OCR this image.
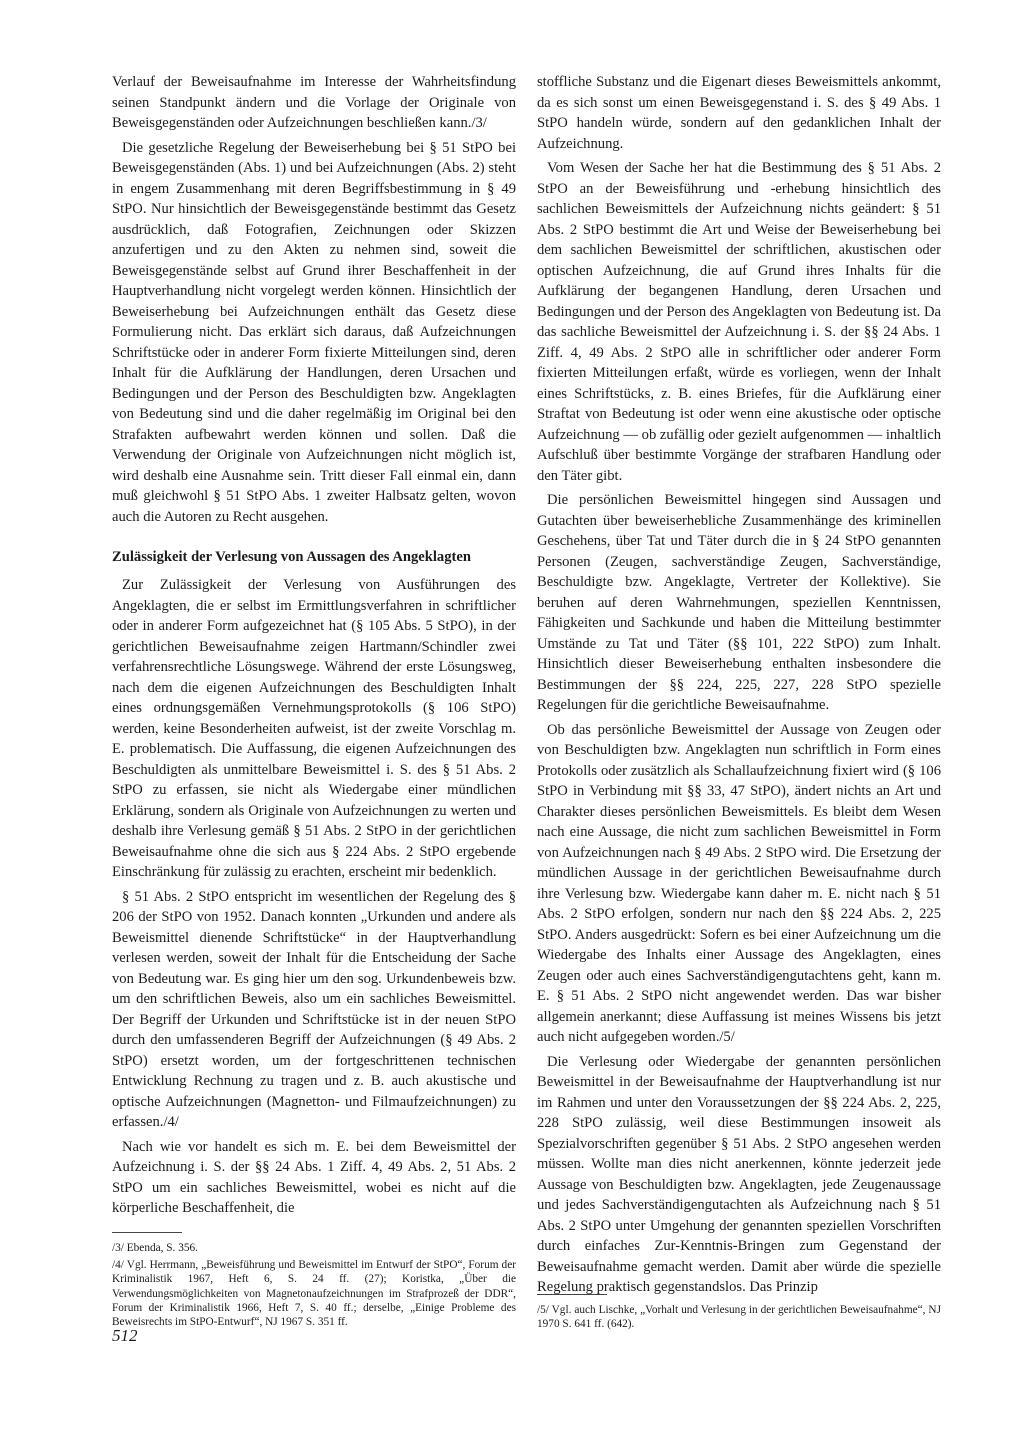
Verlauf der Beweisaufnahme im Interesse der Wahrheitsfindung seinen Standpunkt ändern und die Vorlage der Originale von Beweisgegenständen oder Aufzeichnungen beschließen kann./3/

Die gesetzliche Regelung der Beweiserhebung bei § 51 StPO bei Beweisgegenständen (Abs. 1) und bei Aufzeichnungen (Abs. 2) steht in engem Zusammenhang mit deren Begriffsbestimmung in § 49 StPO. Nur hinsichtlich der Beweisgegenstände bestimmt das Gesetz ausdrücklich, daß Fotografien, Zeichnungen oder Skizzen anzufertigen und zu den Akten zu nehmen sind, soweit die Beweisgegenstände selbst auf Grund ihrer Beschaffenheit in der Hauptverhandlung nicht vorgelegt werden können. Hinsichtlich der Beweiserhebung bei Aufzeichnungen enthält das Gesetz diese Formulierung nicht. Das erklärt sich daraus, daß Aufzeichnungen Schriftstücke oder in anderer Form fixierte Mitteilungen sind, deren Inhalt für die Aufklärung der Handlungen, deren Ursachen und Bedingungen und der Person des Beschuldigten bzw. Angeklagten von Bedeutung sind und die daher regelmäßig im Original bei den Strafakten aufbewahrt werden können und sollen. Daß die Verwendung der Originale von Aufzeichnungen nicht möglich ist, wird deshalb eine Ausnahme sein. Tritt dieser Fall einmal ein, dann muß gleichwohl § 51 StPO Abs. 1 zweiter Halbsatz gelten, wovon auch die Autoren zu Recht ausgehen.

Zulässigkeit der Verlesung von Aussagen des Angeklagten

Zur Zulässigkeit der Verlesung von Ausführungen des Angeklagten, die er selbst im Ermittlungsverfahren in schriftlicher oder in anderer Form aufgezeichnet hat (§ 105 Abs. 5 StPO), in der gerichtlichen Beweisaufnahme zeigen Hartmann/Schindler zwei verfahrensrechtliche Lösungswege. Während der erste Lösungsweg, nach dem die eigenen Aufzeichnungen des Beschuldigten Inhalt eines ordnungsgemäßen Vernehmungsprotokolls (§ 106 StPO) werden, keine Besonderheiten aufweist, ist der zweite Vorschlag m. E. problematisch. Die Auffassung, die eigenen Aufzeichnungen des Beschuldigten als unmittelbare Beweismittel i. S. des § 51 Abs. 2 StPO zu erfassen, sie nicht als Wiedergabe einer mündlichen Erklärung, sondern als Originale von Aufzeichnungen zu werten und deshalb ihre Verlesung gemäß § 51 Abs. 2 StPO in der gerichtlichen Beweisaufnahme ohne die sich aus § 224 Abs. 2 StPO ergebende Einschränkung für zulässig zu erachten, erscheint mir bedenklich.

§ 51 Abs. 2 StPO entspricht im wesentlichen der Regelung des § 206 der StPO von 1952. Danach konnten „Urkunden und andere als Beweismittel dienende Schriftstücke“ in der Hauptverhandlung verlesen werden, soweit der Inhalt für die Entscheidung der Sache von Bedeutung war. Es ging hier um den sog. Urkundenbeweis bzw. um den schriftlichen Beweis, also um ein sachliches Beweismittel. Der Begriff der Urkunden und Schriftstücke ist in der neuen StPO durch den umfassenderen Begriff der Aufzeichnungen (§ 49 Abs. 2 StPO) ersetzt worden, um der fortgeschrittenen technischen Entwicklung Rechnung zu tragen und z. B. auch akustische und optische Aufzeichnungen (Magnetton- und Filmaufzeichnungen) zu erfassen./4/

Nach wie vor handelt es sich m. E. bei dem Beweismittel der Aufzeichnung i. S. der §§ 24 Abs. 1 Ziff. 4, 49 Abs. 2, 51 Abs. 2 StPO um ein sachliches Beweismittel, wobei es nicht auf die körperliche Beschaffenheit, die

/3/ Ebenda, S. 356.

/4/ Vgl. Herrmann, „Beweisführung und Beweismittel im Entwurf der StPO“, Forum der Kriminalistik 1967, Heft 6, S. 24 ff. (27); Koristka, „Über die Verwendungsmöglichkeiten von Magnetonaufzeichnungen im Strafprozeß der DDR“, Forum der Kriminalistik 1966, Heft 7, S. 40 ff.; derselbe, „Einige Probleme des Beweisrechts im StPO-Entwurf“, NJ 1967 S. 351 ff.

stoffliche Substanz und die Eigenart dieses Beweismittels ankommt, da es sich sonst um einen Beweisgegenstand i. S. des § 49 Abs. 1 StPO handeln würde, sondern auf den gedanklichen Inhalt der Aufzeichnung.

Vom Wesen der Sache her hat die Bestimmung des § 51 Abs. 2 StPO an der Beweisführung und -erhebung hinsichtlich des sachlichen Beweismittels der Aufzeichnung nichts geändert: § 51 Abs. 2 StPO bestimmt die Art und Weise der Beweiserhebung bei dem sachlichen Beweismittel der schriftlichen, akustischen oder optischen Aufzeichnung, die auf Grund ihres Inhalts für die Aufklärung der begangenen Handlung, deren Ursachen und Bedingungen und der Person des Angeklagten von Bedeutung ist. Da das sachliche Beweismittel der Aufzeichnung i. S. der §§ 24 Abs. 1 Ziff. 4, 49 Abs. 2 StPO alle in schriftlicher oder anderer Form fixierten Mitteilungen erfaßt, würde es vorliegen, wenn der Inhalt eines Schriftstücks, z. B. eines Briefes, für die Aufklärung einer Straftat von Bedeutung ist oder wenn eine akustische oder optische Aufzeichnung — ob zufällig oder gezielt aufgenommen — inhaltlich Aufschluß über bestimmte Vorgänge der strafbaren Handlung oder den Täter gibt.

Die persönlichen Beweismittel hingegen sind Aussagen und Gutachten über beweiserhebliche Zusammenhänge des kriminellen Geschehens, über Tat und Täter durch die in § 24 StPO genannten Personen (Zeugen, sachverständige Zeugen, Sachverständige, Beschuldigte bzw. Angeklagte, Vertreter der Kollektive). Sie beruhen auf deren Wahrnehmungen, speziellen Kenntnissen, Fähigkeiten und Sachkunde und haben die Mitteilung bestimmter Umstände zu Tat und Täter (§§ 101, 222 StPO) zum Inhalt. Hinsichtlich dieser Beweiserhebung enthalten insbesondere die Bestimmungen der §§ 224, 225, 227, 228 StPO spezielle Regelungen für die gerichtliche Beweisaufnahme.

Ob das persönliche Beweismittel der Aussage von Zeugen oder von Beschuldigten bzw. Angeklagten nun schriftlich in Form eines Protokolls oder zusätzlich als Schallaufzeichnung fixiert wird (§ 106 StPO in Verbindung mit §§ 33, 47 StPO), ändert nichts an Art und Charakter dieses persönlichen Beweismittels. Es bleibt dem Wesen nach eine Aussage, die nicht zum sachlichen Beweismittel in Form von Aufzeichnungen nach § 49 Abs. 2 StPO wird. Die Ersetzung der mündlichen Aussage in der gerichtlichen Beweisaufnahme durch ihre Verlesung bzw. Wiedergabe kann daher m. E. nicht nach § 51 Abs. 2 StPO erfolgen, sondern nur nach den §§ 224 Abs. 2, 225 StPO. Anders ausgedrückt: Sofern es bei einer Aufzeichnung um die Wiedergabe des Inhalts einer Aussage des Angeklagten, eines Zeugen oder auch eines Sachverständigengutachtens geht, kann m. E. § 51 Abs. 2 StPO nicht angewendet werden. Das war bisher allgemein anerkannt; diese Auffassung ist meines Wissens bis jetzt auch nicht aufgegeben worden./5/

Die Verlesung oder Wiedergabe der genannten persönlichen Beweismittel in der Beweisaufnahme der Hauptverhandlung ist nur im Rahmen und unter den Voraussetzungen der §§ 224 Abs. 2, 225, 228 StPO zulässig, weil diese Bestimmungen insoweit als Spezialvorschriften gegenüber § 51 Abs. 2 StPO angesehen werden müssen. Wollte man dies nicht anerkennen, könnte jederzeit jede Aussage von Beschuldigten bzw. Angeklagten, jede Zeugenaussage und jedes Sachverständigengutachten als Aufzeichnung nach § 51 Abs. 2 StPO unter Umgehung der genannten speziellen Vorschriften durch einfaches Zur-Kenntnis-Bringen zum Gegenstand der Beweisaufnahme gemacht werden. Damit aber würde die spezielle Regelung praktisch gegenstandslos. Das Prinzip

/5/ Vgl. auch Lischke, „Vorhalt und Verlesung in der gerichtlichen Beweisaufnahme“, NJ 1970 S. 641 ff. (642).

512
